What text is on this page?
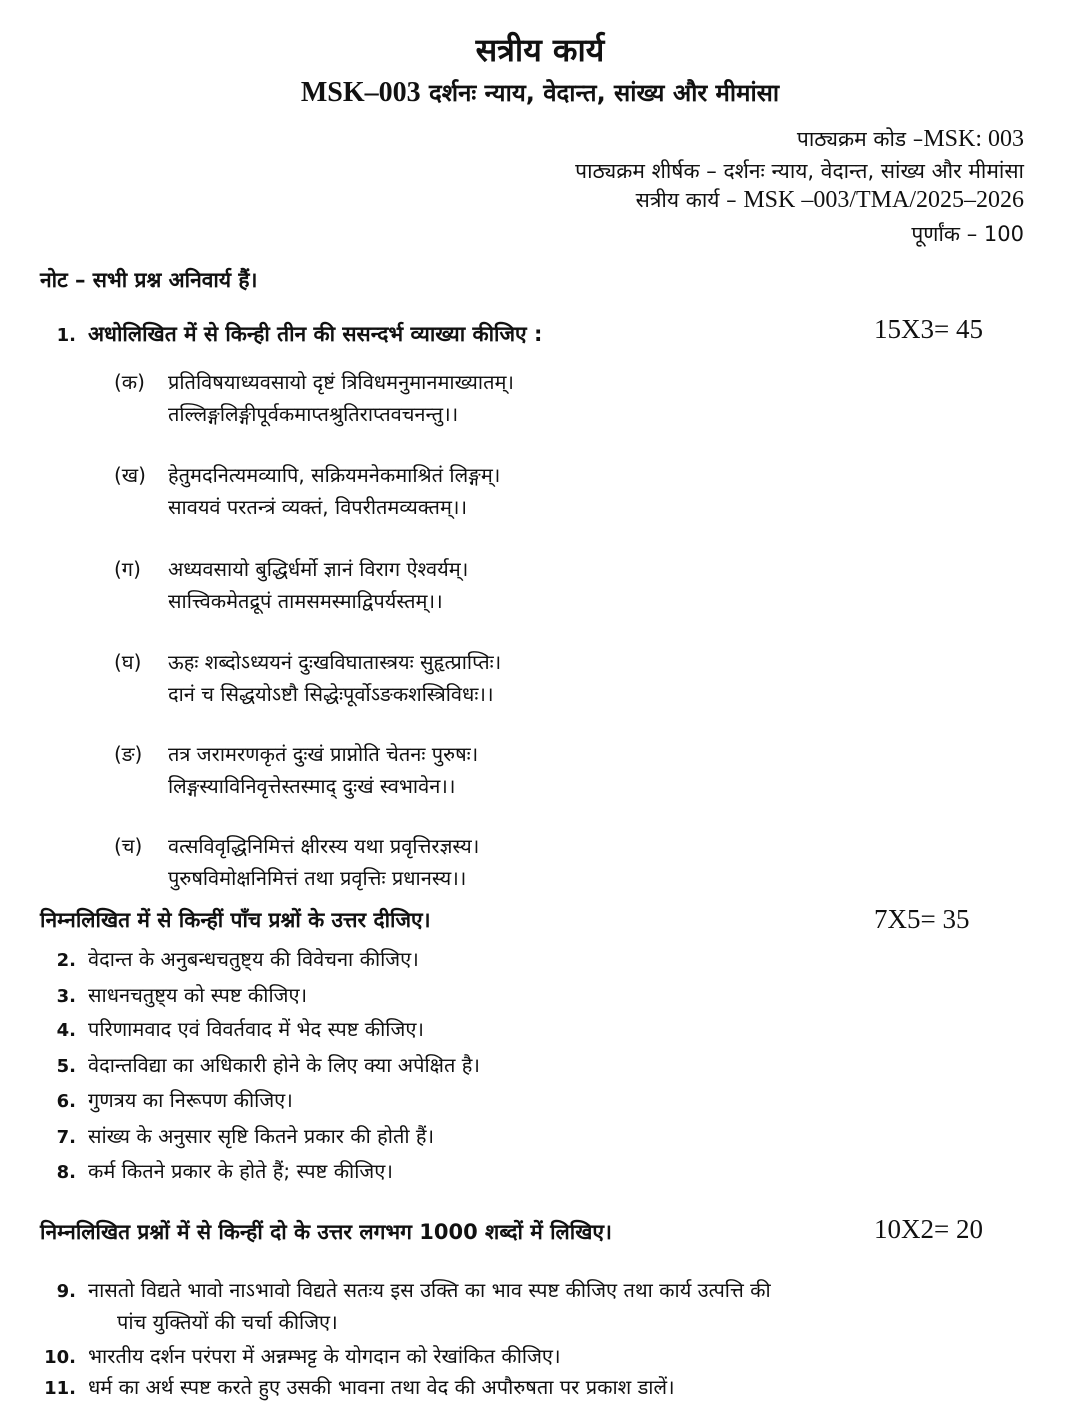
सत्रीय कार्य
MSK–003 दर्शनः न्याय, वेदान्त, सांख्य और मीमांसा
पाठ्यक्रम कोड –MSK: 003
पाठ्यक्रम शीर्षक – दर्शनः न्याय, वेदान्त, सांख्य और मीमांसा
सत्रीय कार्य – MSK –003/TMA/2025–2026
पूर्णांक – 100
नोट – सभी प्रश्न अनिवार्य हैं।
1. अधोलिखित में से किन्ही तीन की ससन्दर्भ व्याख्या कीजिए :	15X3= 45
(क) प्रतिविषयाध्यवसायो दृष्टं त्रिविधमनुमानमाख्यातम्।
तल्लिङ्गलिङ्गीपूर्वकमाप्तश्रुतिराप्तवचनन्तु।।
(ख) हेतुमदनित्यमव्यापि, सक्रियमनेकमाश्रितं लिङ्गम्।
सावयवं परतन्त्रं व्यक्तं, विपरीतमव्यक्तम्।।
(ग) अध्यवसायो बुद्धिर्धर्मो ज्ञानं विराग ऐश्वर्यम्।
सात्त्विकमेतद्रूपं तामसमस्माद्विपर्यस्तम्।।
(घ) ऊहः शब्दोऽध्ययनं दुःखविघातास्त्रयः सुहृत्प्राप्तिः।
दानं च सिद्धयोऽष्टौ सिद्धेःपूर्वोऽङकशस्त्रिविधः।।
(ङ) तत्र जरामरणकृतं दुःखं प्राप्नोति चेतनः पुरुषः।
लिङ्गस्याविनिवृत्तेस्तस्माद् दुःखं स्वभावेन।।
(च) वत्सविवृद्धिनिमित्तं क्षीरस्य यथा प्रवृत्तिरज्ञस्य।
पुरुषविमोक्षनिमित्तं तथा प्रवृत्तिः प्रधानस्य।।
निम्नलिखित में से किन्हीं पाँच प्रश्नों के उत्तर दीजिए।	7X5= 35
2. वेदान्त के अनुबन्धचतुष्ट्य की विवेचना कीजिए।
3. साधनचतुष्ट्य को स्पष्ट कीजिए।
4. परिणामवाद एवं विवर्तवाद में भेद स्पष्ट कीजिए।
5. वेदान्तविद्या का अधिकारी होने के लिए क्या अपेक्षित है।
6. गुणत्रय का निरूपण कीजिए।
7. सांख्य के अनुसार सृष्टि कितने प्रकार की होती हैं।
8. कर्म कितने प्रकार के होते हैं; स्पष्ट कीजिए।
निम्नलिखित प्रश्नों में से किन्हीं दो के उत्तर लगभग 1000 शब्दों में लिखिए।	10X2= 20
9. नासतो विद्यते भावो नाऽभावो विद्यते सतःय इस उक्ति का भाव स्पष्ट कीजिए तथा कार्य उत्पत्ति की
पांच युक्तियों की चर्चा कीजिए।
10. भारतीय दर्शन परंपरा में अन्नम्भट्ट के योगदान को रेखांकित कीजिए।
11. धर्म का अर्थ स्पष्ट करते हुए उसकी भावना तथा वेद की अपौरुषता पर प्रकाश डालें।
